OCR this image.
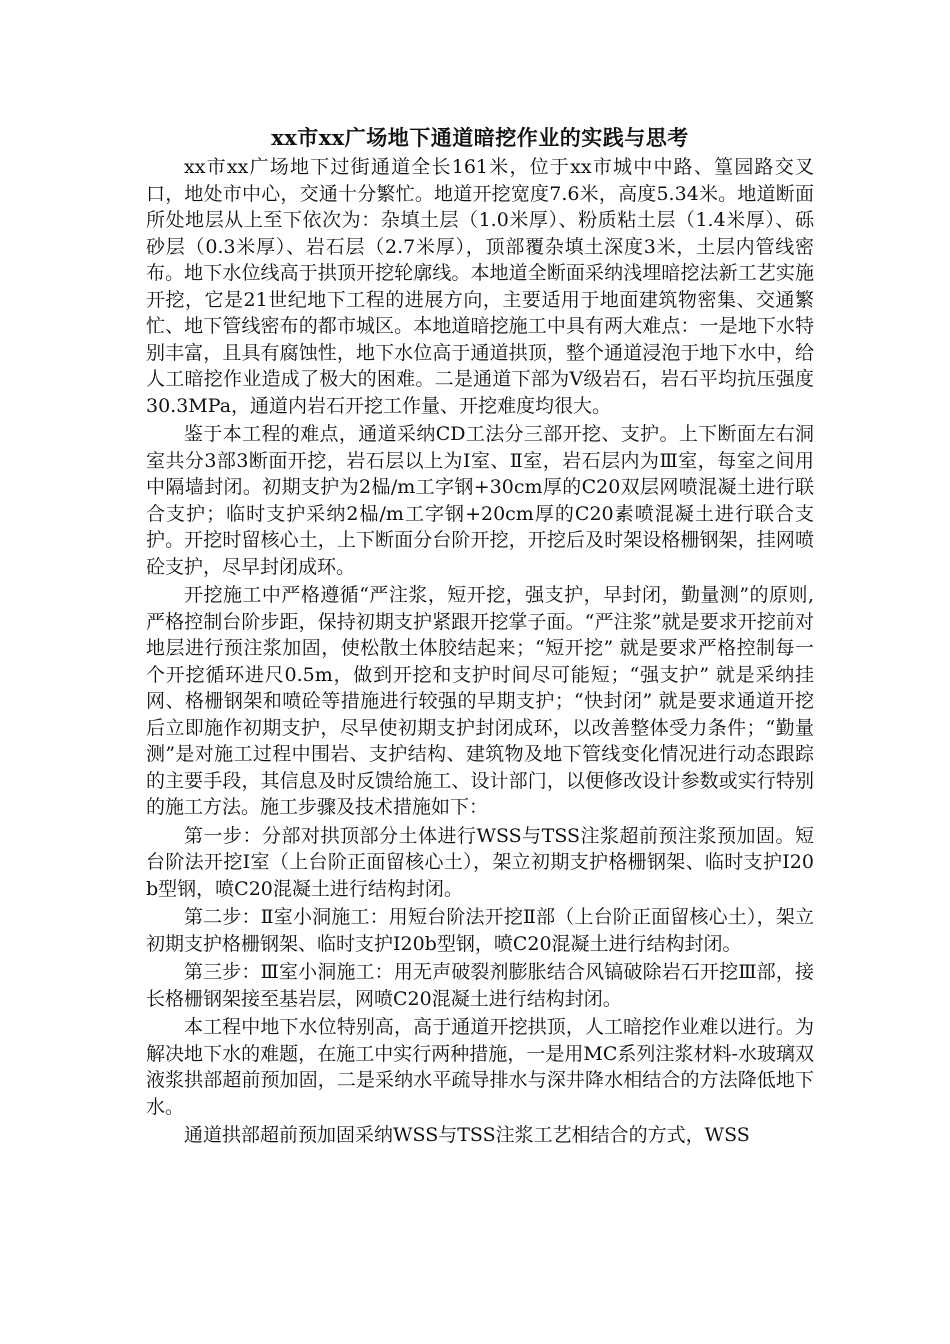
xx市xx广场地下通道暗挖作业的实践与思考

xx市xx广场地下过街通道全长161米，位于xx市城中中路、篁园路交叉口，地处市中心，交通十分繁忙。地道开挖宽度7.6米，高度5.34米。地道断面所处地层从上至下依次为：杂填土层（1.0米厚）、粉质粘土层（1.4米厚）、砾砂层（0.3米厚）、岩石层（2.7米厚），顶部覆杂填土深度3米，土层内管线密布。地下水位线高于拱顶开挖轮廓线。本地道全断面采纳浅埋暗挖法新工艺实施开挖，它是21世纪地下工程的进展方向，主要适用于地面建筑物密集、交通繁忙、地下管线密布的都市城区。本地道暗挖施工中具有两大难点：一是地下水特别丰富，且具有腐蚀性，地下水位高于通道拱顶，整个通道浸泡于地下水中，给人工暗挖作业造成了极大的困难。二是通道下部为Ⅴ级岩石，岩石平均抗压强度30.3MPa，通道内岩石开挖工作量、开挖难度均很大。

鉴于本工程的难点，通道采纳CD工法分三部开挖、支护。上下断面左右洞室共分3部3断面开挖，岩石层以上为Ⅰ室、Ⅱ室，岩石层内为Ⅲ室，每室之间用中隔墙封闭。初期支护为2榀/m工字钢+30cm厚的C20双层网喷混凝土进行联合支护；临时支护采纳2榀/m工字钢+20cm厚的C20素喷混凝土进行联合支护。开挖时留核心土，上下断面分台阶开挖，开挖后及时架设格栅钢架，挂网喷砼支护，尽早封闭成环。

开挖施工中严格遵循“严注浆，短开挖，强支护，早封闭，勤量测”的原则,严格控制台阶步距，保持初期支护紧跟开挖掌子面。“严注浆”就是要求开挖前对地层进行预注浆加固，使松散土体胶结起来；“短开挖” 就是要求严格控制每一个开挖循环进尺0.5m，做到开挖和支护时间尽可能短；“强支护” 就是采纳挂网、格栅钢架和喷砼等措施进行较强的早期支护；“快封闭” 就是要求通道开挖后立即施作初期支护，尽早使初期支护封闭成环，以改善整体受力条件；“勤量测”是对施工过程中围岩、支护结构、建筑物及地下管线变化情况进行动态跟踪的主要手段，其信息及时反馈给施工、设计部门，以便修改设计参数或实行特别的施工方法。施工步骤及技术措施如下：

第一步：分部对拱顶部分土体进行WSS与TSS注浆超前预注浆预加固。短台阶法开挖Ⅰ室（上台阶正面留核心土），架立初期支护格栅钢架、临时支护I20b型钢，喷C20混凝土进行结构封闭。

第二步：Ⅱ室小洞施工：用短台阶法开挖Ⅱ部（上台阶正面留核心土），架立初期支护格栅钢架、临时支护I20b型钢，喷C20混凝土进行结构封闭。

第三步：Ⅲ室小洞施工：用无声破裂剂膨胀结合风镐破除岩石开挖Ⅲ部，接长格栅钢架接至基岩层，网喷C20混凝土进行结构封闭。

本工程中地下水位特别高，高于通道开挖拱顶，人工暗挖作业难以进行。为解决地下水的难题，在施工中实行两种措施，一是用MC系列注浆材料-水玻璃双液浆拱部超前预加固，二是采纳水平疏导排水与深井降水相结合的方法降低地下水。

通道拱部超前预加固采纳WSS与TSS注浆工艺相结合的方式，WSS
